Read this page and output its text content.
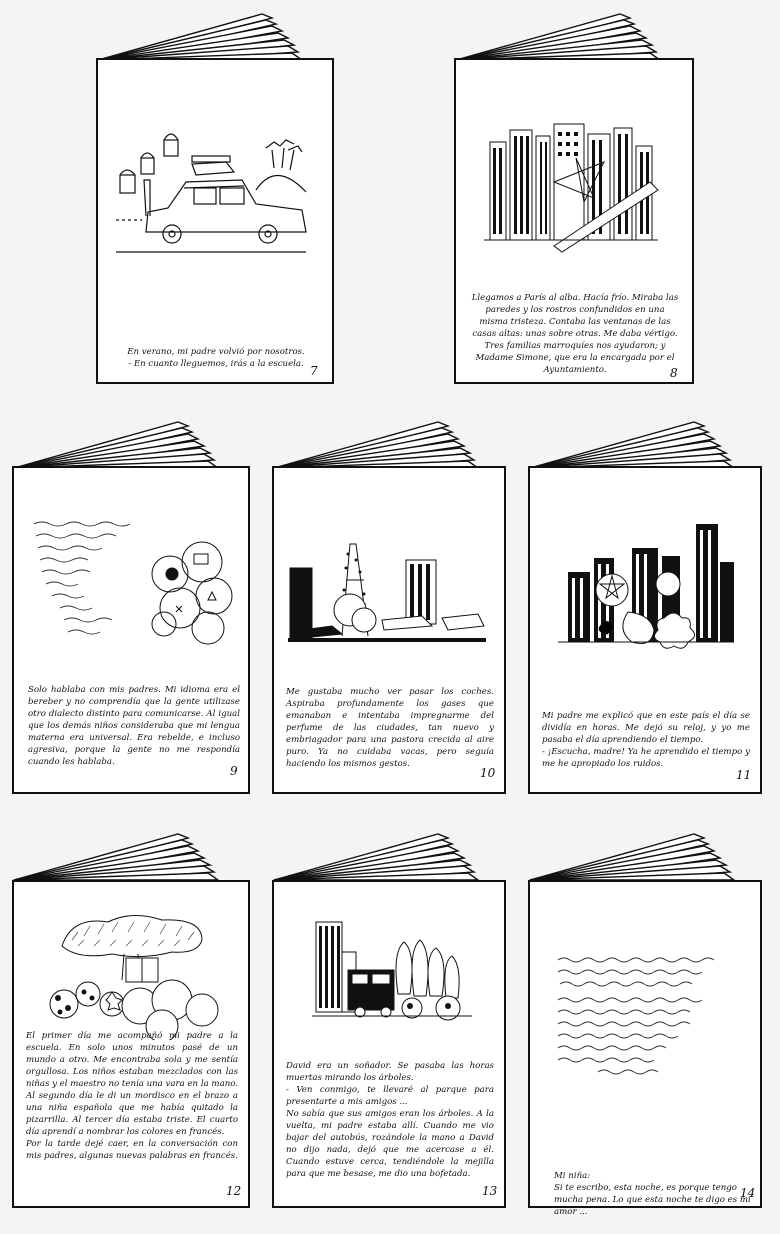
En verano, mi padre volvió por nosotros.

- En cuanto lleguemos, irás a la escuela. 7

Llegamos a París al alba. Hacía frío. Miraba las paredes y los rostros confundidos en una misma tristeza. Contaba las ventanas de las casas altas: unas sobre otras. Me daba vértigo.

Tres familias marroquíes nos ayudaron; y Madame Simone, que era la encargada por el Ayuntamiento.	8

Solo hablaba con mis padres. Mi idioma era el bereber y no comprendía que la gente utilizase otro dialecto distinto para comunicarse. Al igual que los demás niños consideraba que mi lengua materna era universal. Era rebelde, e incluso agresiva, porque la gente no me respondía cuando les hablaba.

9

Me gustaba mucho ver pasar los coches. Aspiraba profundamente los gases que emanaban e intentaba impregnarme del perfume de las ciudades, tan nuevo y embriagador para una pastora crecida al aire puro. Ya no cuidaba vacas, pero seguía haciendo los mismos gestos.

10

Mi padre me explicó que en este país el día se dividía en horas. Me dejó su reloj, y yo me pasaba el día aprendiendo el tiempo.

- ¡Escucha, madre! Ya he aprendido el tiempo y me he apropiado los ruidos.

11

El primer día me acompañó mi padre a la escuela. En solo unos minutos pasé de un mundo a otro. Me encontraba sola y me sentía orgullosa. Los niños estaban mezclados con las niñas y el maestro no tenía una vara en la mano. Al segundo día le di un mordisco en el brazo a una niña española que me había quitado la pizarrilla. Al tercer día estaba triste. El cuarto día aprendí a nombrar los colores en francés.

Por la tarde dejé caer, en la conversación con mis padres, algunas nuevas palabras en francés.

12

David era un soñador. Se pasaba las horas muertas mirando los árboles.

- Ven conmigo, te llevaré al parque para presentarte a mis amigos ...

No sabía que sus amigos eran los árboles. A la vuelta, mi padre estaba allí. Cuando me vio bajar del autobús, rozándole la mano a David no dijo nada, dejó que me acercase a él. Cuando estuve cerca, tendiéndole la mejilla para que me besase, me dio una bofetada.

13

Mi niña:

Si te escribo, esta noche, es porque tengo mucha pena. Lo que esta noche te digo es mi amor ...

14
